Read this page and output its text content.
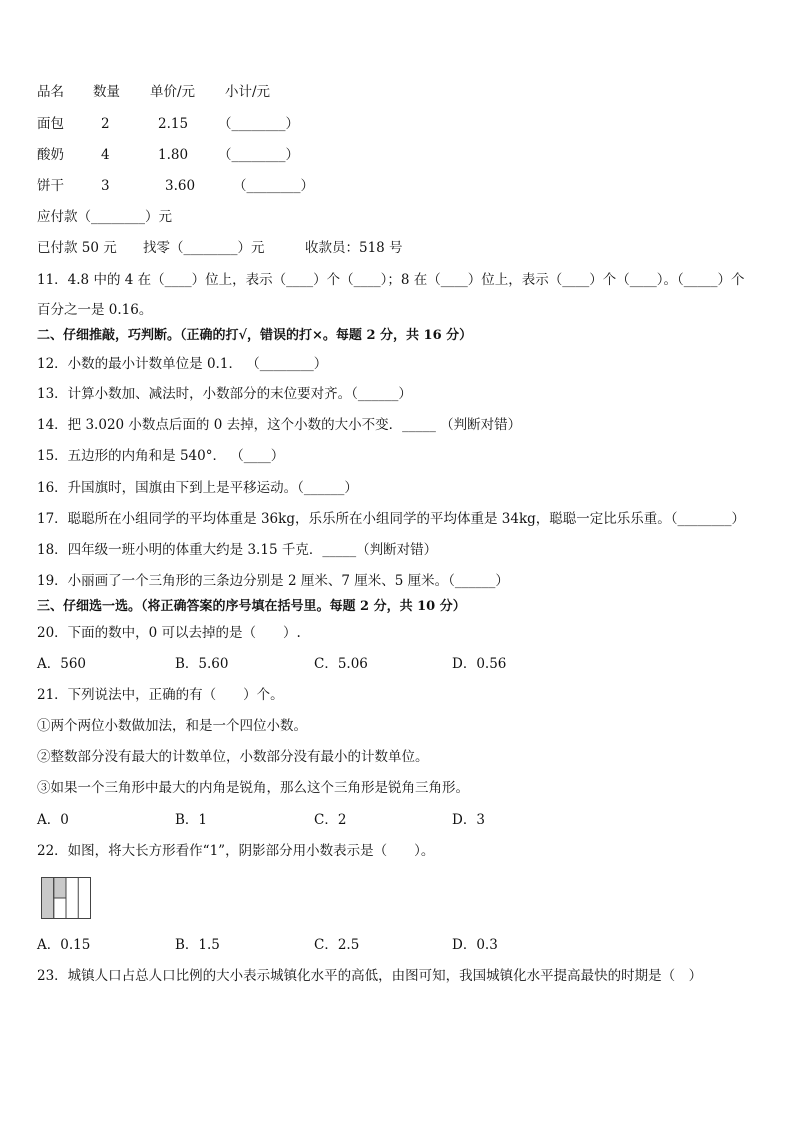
品名 数量 单价/元 小计/元
面包	2	2.15 （________）
酸奶	4	1.80 （________）
饼干	3	3.60	（________）
应付款（________）元
已付款 50 元 找零（________）元	收款员：518 号
11．4.8 中的 4 在（____）位上，表示（____）个（____）；8 在（____）位上，表示（____）个（____）。（_____）个
百分之一是 0.16。
二、仔细推敲，巧判断。（正确的打√，错误的打×。每题 2 分，共 16 分）
12．小数的最小计数单位是 0.1． （________）
13．计算小数加、减法时，小数部分的末位要对齐。（______）
14．把 3.020 小数点后面的 0 去掉，这个小数的大小不变．_____ （判断对错）
15．五边形的内角和是 540°． （____）
16．升国旗时，国旗由下到上是平移运动。（______）
17．聪聪所在小组同学的平均体重是 36kg，乐乐所在小组同学的平均体重是 34kg，聪聪一定比乐乐重。（________）
18．四年级一班小明的体重大约是 3.15 千克．_____（判断对错）
19．小丽画了一个三角形的三条边分别是 2 厘米、7 厘米、5 厘米。（______）
三、仔细选一选。（将正确答案的序号填在括号里。每题 2 分，共 10 分）
20．下面的数中，0 可以去掉的是（　　）.
A．560	B．5.60	C．5.06	D．0.56
21．下列说法中，正确的有（　　）个。
①两个两位小数做加法，和是一个四位小数。
②整数部分没有最大的计数单位，小数部分没有最小的计数单位。
③如果一个三角形中最大的内角是锐角，那么这个三角形是锐角三角形。
A．0	B．1	C．2	D．3
22．如图，将大长方形看作“1”，阴影部分用小数表示是（　　）。
A．0.15	B．1.5	C．2.5	D．0.3
23．城镇人口占总人口比例的大小表示城镇化水平的高低，由图可知，我国城镇化水平提高最快的时期是（　）
